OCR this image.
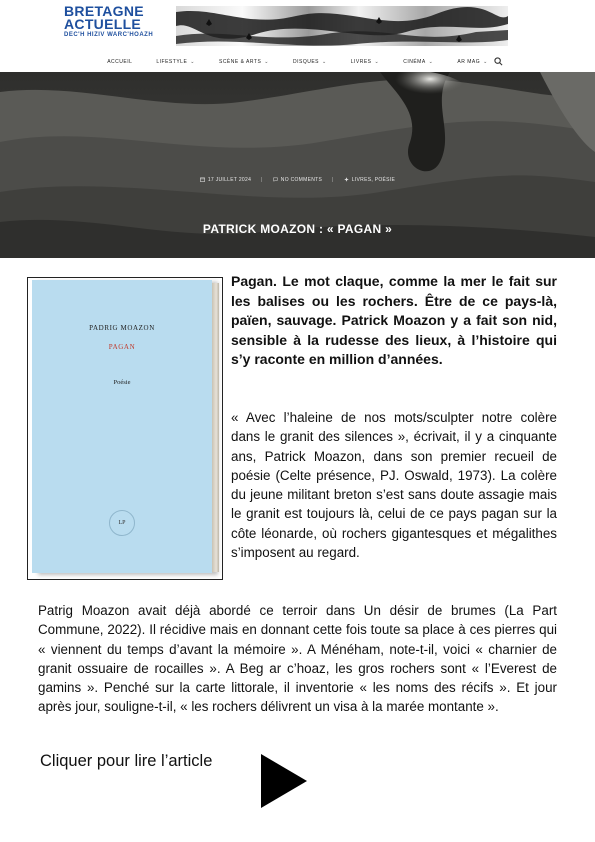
BRETAGNE
ACTUELLE
DEC'H HIZIV WARC'HOAZH
ACCUEIL	LIFESTYLE ⌄	SCÈNE & ARTS ⌄	DISQUES ⌄	LIVRES ⌄	CINÉMA ⌄	AR MAG ⌄
PATRICK MOAZON : « PAGAN »
17 JUILLET 2024 |	NO COMMENTS |	LIVRES, POÉSIE
PADRIG MOAZON
PAGAN
Poésie
LP

Pagan. Le mot claque, comme la mer le fait sur les balises ou les rochers. Être de ce pays-là, païen, sauvage. Patrick Moazon y a fait son nid, sensible à la rudesse des lieux, à l’histoire qui s’y raconte en million d’années.

« Avec l’haleine de nos mots/sculpter notre colère dans le granit des silences », écrivait, il y a cinquante ans, Patrick Moazon, dans son premier recueil de poésie (Celte présence, PJ. Oswald, 1973). La colère du jeune militant breton s’est sans doute assagie mais le granit est toujours là, celui de ce pays pagan sur la côte léonarde, où rochers gigantesques et mégalithes s’imposent au regard.

Patrig Moazon avait déjà abordé ce terroir dans Un désir de brumes (La Part Commune, 2022). Il récidive mais en donnant cette fois toute sa place à ces pierres qui « viennent du temps d’avant la mémoire ». A Ménéham, note-t-il, voici « charnier de granit ossuaire de rocailles ». A Beg ar c’hoaz, les gros rochers sont « l’Everest de gamins ». Penché sur la carte littorale, il inventorie « les noms des récifs ». Et jour après jour, souligne-t-il, « les rochers délivrent un visa à la marée montante ».

Cliquer pour lire l’article
